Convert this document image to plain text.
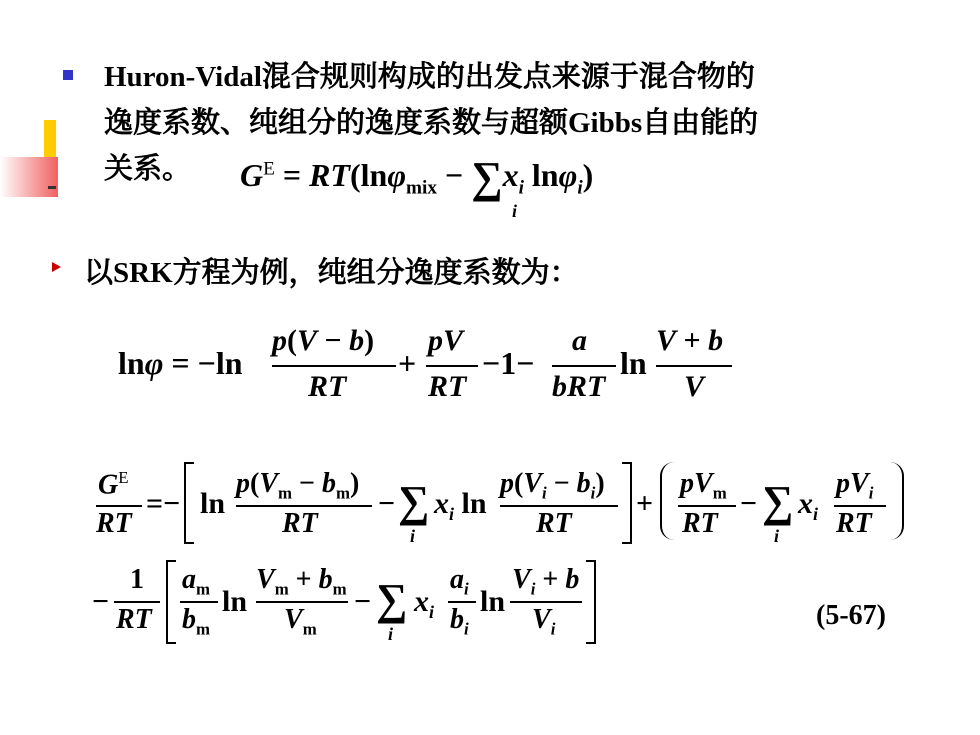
Huron-Vidal混合规则构成的出发点来源于混合物的
逸度系数、纯组分的逸度系数与超额Gibbs自由能的
关系。 $G^E = RT(\ln\varphi_{mix} - \sum x_i$ lnφ$_i$)
i
以SRK方程为例，纯组分逸度系数为：
lnφ = −ln
p(V − b)
RT
+
pV
RT
−1−
a
bRT
ln
V + b
V
$G^E$
RT
=− ln
$p(V_m - b_m)$
RT
− ∑
i
$x_i$ ln
$p(V_i - b_i)$
RT
+
$pV_m$
RT
− ∑
i
$x_i$
$pV_i$
RT
−
1
RT
$a_m$
$b_m$
ln
$V_m + b_m$
$V_m$
− ∑
i
$x_i$
$a_i$
$b_i$
ln
$V_i + b$
$V_i$	(5-67)
